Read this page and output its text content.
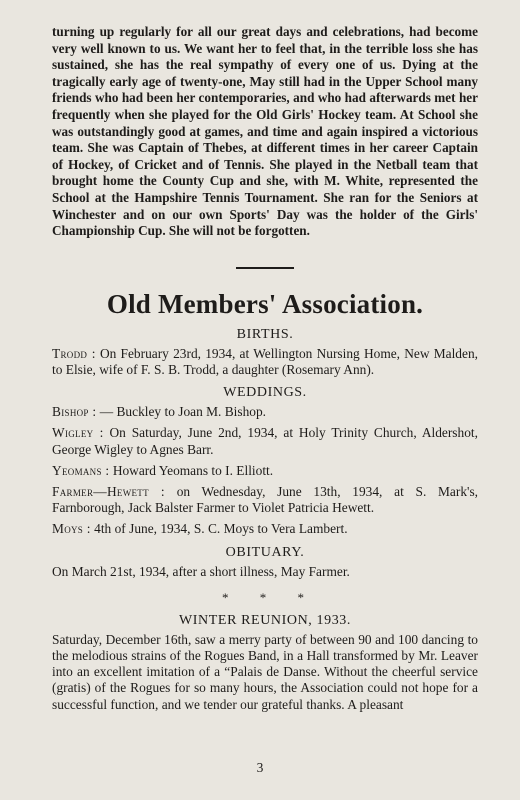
turning up regularly for all our great days and celebrations, had become very well known to us. We want her to feel that, in the terrible loss she has sustained, she has the real sympathy of every one of us. Dying at the tragically early age of twenty-one, May still had in the Upper School many friends who had been her contemporaries, and who had afterwards met her frequently when she played for the Old Girls' Hockey team. At School she was outstandingly good at games, and time and again inspired a victorious team. She was Captain of Thebes, at different times in her career Captain of Hockey, of Cricket and of Tennis. She played in the Netball team that brought home the County Cup and she, with M. White, represented the School at the Hampshire Tennis Tournament. She ran for the Seniors at Winchester and on our own Sports' Day was the holder of the Girls' Championship Cup. She will not be forgotten.

Old Members' Association.
BIRTHS.

Trodd : On February 23rd, 1934, at Wellington Nursing Home, New Malden, to Elsie, wife of F. S. B. Trodd, a daughter (Rosemary Ann).

WEDDINGS.

Bishop : — Buckley to Joan M. Bishop.

Wigley : On Saturday, June 2nd, 1934, at Holy Trinity Church, Aldershot, George Wigley to Agnes Barr.

Yeomans : Howard Yeomans to I. Elliott.

Farmer—Hewett : on Wednesday, June 13th, 1934, at S. Mark's, Farnborough, Jack Balster Farmer to Violet Patricia Hewett.

Moys : 4th of June, 1934, S. C. Moys to Vera Lambert.

OBITUARY.

On March 21st, 1934, after a short illness, May Farmer.

* * *
WINTER REUNION, 1933.

Saturday, December 16th, saw a merry party of between 90 and 100 dancing to the melodious strains of the Rogues Band, in a Hall transformed by Mr. Leaver into an excellent imitation of a “Palais de Danse. Without the cheerful service (gratis) of the Rogues for so many hours, the Association could not hope for a successful function, and we tender our grateful thanks. A pleasant

3
